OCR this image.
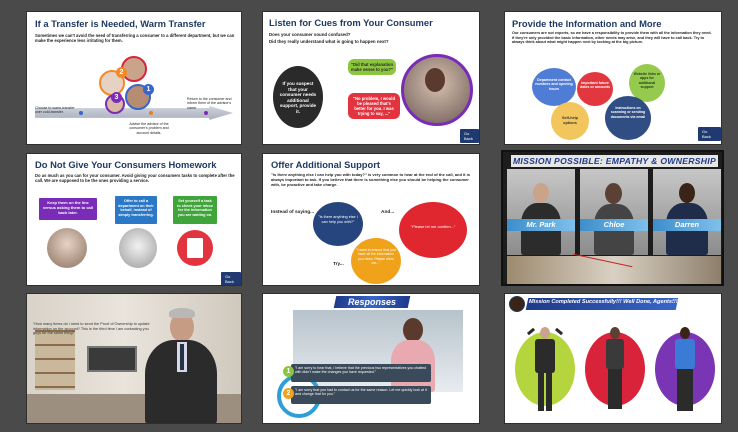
If a Transfer is Needed, Warm Transfer
Sometimes we can't avoid the need of transferring a consumer to a different department, but we can make the experience less irritating for them.
2
1
3
Choose to warm-transfer over cold-transfer.
Advise the advisor of the consumer's problem and account details.
Return to the consumer and inform them of the advisor's name.
Listen for Cues from Your Consumer
Does your consumer sound confused?
Did they really understand what is going to happen next?
If you suspect that your consumer needs additional support, provide it.
"Did that explanation make sense to you?"
"No problem, I would be pleased that's better for you. I was trying to say, ..."
Go Back
Provide the Information and More
Our consumers are not experts, so we have a responsibility to provide them with all the information they need. If they're only provided the basic information, other needs may arise, and they will have to call back. Try to always think about what might happen next by looking at the big picture.
Department contact numbers and opening hours
Important future dates or amounts
Website links or apps for additional support
Self-help options
Instructions on scanning or sending documents via email
Go Back
Do Not Give Your Consumers Homework
Do as much as you can for your consumer. Avoid giving your consumers tasks to complete after the call. We are supposed to be the ones providing a service.
Keep them on the line versus asking them to call back later.
Offer to call a department on their behalf, instead of simply transferring.
Set yourself a task to check your inbox for the information you are waiting on.
Go Back
Offer Additional Support
"Is there anything else I can help you with today?" is very common to hear at the end of the call, and it is always important to ask. If you believe that there is something else you should be helping the consumer with, be proactive and take charge.
Instead of saying...	And...
Try...
"Is there anything else I can help you with?"
"Please let me confirm..."
"I want to ensure that you have all the information you need. Please allow me..."
MISSION POSSIBLE: EMPATHY & OWNERSHIP
Mr. Park	Chloe	Darren
"How many times do I need to send the Proof of Ownership to update information on the account? This is the third time I am contacting you guys for the same thing!"
Responses
"I am sorry to hear that, I believe that the previous two representatives you chatted with didn't make the changes you have requested."
"I am sorry that you had to contact us for the same reason. Let me quickly look at it and change that for you."
1
2
Mission Completed Successfully!!! Well Done, Agents!!!
